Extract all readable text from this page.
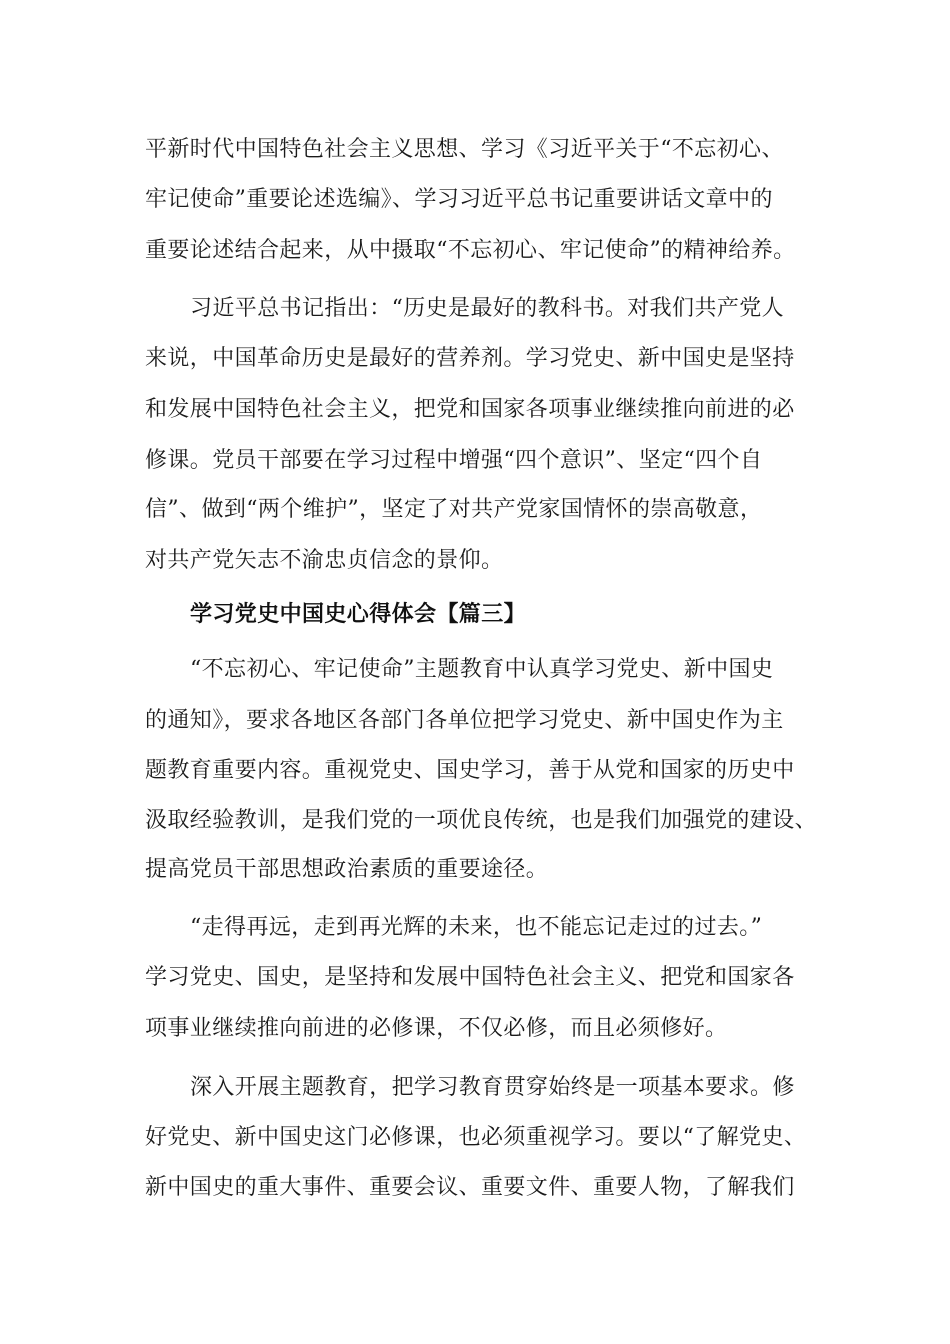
平新时代中国特色社会主义思想、学习《习近平关于“不忘初心、
牢记使命”重要论述选编》、学习习近平总书记重要讲话文章中的
重要论述结合起来，从中摄取“不忘初心、牢记使命”的精神给养。
习近平总书记指出：“历史是最好的教科书。对我们共产党人
来说，中国革命历史是最好的营养剂。学习党史、新中国史是坚持
和发展中国特色社会主义，把党和国家各项事业继续推向前进的必
修课。党员干部要在学习过程中增强“四个意识”、坚定“四个自
信”、做到“两个维护”，坚定了对共产党家国情怀的崇高敬意，
对共产党矢志不渝忠贞信念的景仰。
学习党史中国史心得体会【篇三】
“不忘初心、牢记使命”主题教育中认真学习党史、新中国史
的通知》，要求各地区各部门各单位把学习党史、新中国史作为主
题教育重要内容。重视党史、国史学习，善于从党和国家的历史中
汲取经验教训，是我们党的一项优良传统，也是我们加强党的建设、
提高党员干部思想政治素质的重要途径。
“走得再远，走到再光辉的未来，也不能忘记走过的过去。”
学习党史、国史，是坚持和发展中国特色社会主义、把党和国家各
项事业继续推向前进的必修课，不仅必修，而且必须修好。
深入开展主题教育，把学习教育贯穿始终是一项基本要求。修
好党史、新中国史这门必修课，也必须重视学习。要以“了解党史、
新中国史的重大事件、重要会议、重要文件、重要人物，了解我们
